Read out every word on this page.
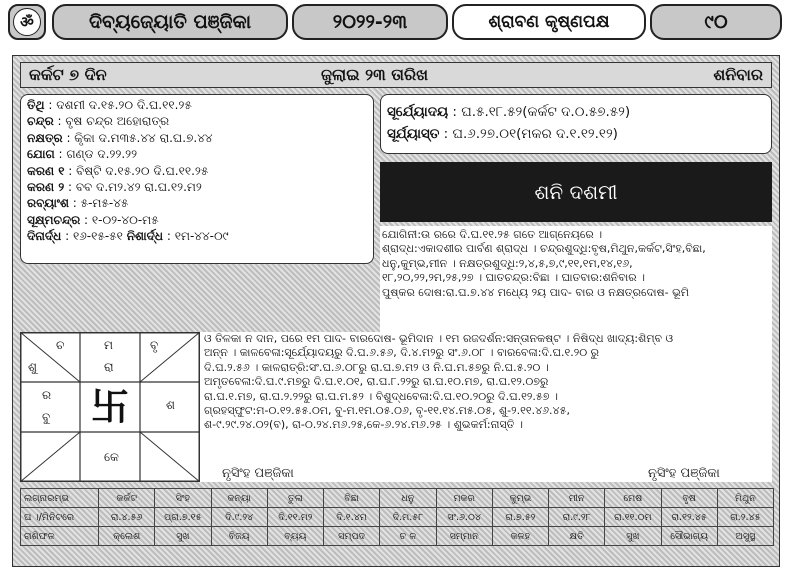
ॐ	ଦିବ୍ୟଜ୍ୟୋତି ପଞ୍ଜିକା	୨୦୨୨-୨୩	ଶ୍ରାବଣ କୃଷ୍ଣପକ୍ଷ	୯୦
କର୍କଟ ୭ ଦିନ	ଜୁଲାଇ ୨୩ ତାରିଖ	ଶନିବାର
ତିଥି : ଦଶମୀ ଦ.୧୫.୨୦ ଦି.ଘ.୧୧.୨୫
ଚନ୍ଦ୍ର : ବୃଷ ଚନ୍ଦ୍ର ଅହୋରାତ୍ର
ନକ୍ଷତ୍ର : କୃିକା ଦ.ମ୩୫.୪୪ ରା.ଘ.୭.୪୪
ଯୋଗ : ଗଣ୍ଡ ଦ.୨୨.୨୨
କରଣ ୧ : ବିଷ୍ଟି ଦ.୧୫.୨୦ ଦି.ଘ.୧୧.୨୫
କରଣ ୨ : ବବ ଦ.ମ୨.୪୨ ରା.ଘ.୧୨.ମ୨
ରବ୍ୟାଂଶ : ୫-ମ୫-୪୫
ସୂକ୍ଷ୍ମଚନ୍ଦ୍ର : ୧-୦୨-୪୦-ମ୫
ଦିନାର୍ଦ୍ଧ : ୧୬-୧୫-୫୧ ନିଶାର୍ଦ୍ଧ : ୧ମ-୪୪-୦୯
ସୂର୍ଯ୍ୟୋଦୟ : ଘ.୫.୧୮.୫୨(କର୍କଟ ଦ.୦.୫୭.୫୨)
ସୂର୍ଯ୍ୟାସ୍ତ : ଘ.୬.୨୭.୦୧(ମକର ଦ.୧.୧୨.୧୨)
ଶନି ଦଶମୀ
ଯୋଗିନୀ:ଉ ରରେ ଦି.ଘ.୧୧.୨୫ ଗତେ ଆଗ୍ନେୟରେ ।
ଶ୍ରାଦ୍ଧ:ଏକାଦଶୀର ପାର୍ବଣ ଶ୍ରାଦ୍ଧ । ଚନ୍ଦ୍ରଶୁଦ୍ଧି:ବୃଷ,ମିଥୁନ,କର୍କଟ,ସିଂହ,ବିଛା,
ଧନୁ,କୁମ୍ଭ,ମୀନ । ନକ୍ଷତ୍ରଶୁଦ୍ଧି:୨,୪,୫,୭,୯,୧୧,୧ମ,୧୪,୧୬,
୧୮,୨୦,୨୨,୨ମ,୨୫,୨୭ । ଘାତଚନ୍ଦ୍ର:ବିଛା । ଘାତବାର:ଶନିବାର ।
ପୁଷ୍କର ଦୋଷ:ରା.ଘ.୭.୪୪ ମଧ୍ୟେ ୨ୟ ପାଦ- ବାର ଓ ନକ୍ଷତ୍ରଦୋଷ- ଭୂମି
ଚ
ଶୁ
ମ
ରା
ବୃ
ର
ବୁ 卐	ଶ
କେ
ଓ ତିଳକା ନ ଦାନ, ପରେ ୧ମ ପାଦ- ବାରଦୋଷ- ଭୂମିଦାନ । ୧ମ ରଜଦର୍ଶନ:ସନ୍ତାନକଷ୍ଟ । ନିଷିଦ୍ଧ ଖାଦ୍ୟ:ଶିମ୍ବ ଓ
ଅନ୍ନ । କାଳବେଳା:ସୂର୍ଯ୍ୟୋଦୟରୁ ଦି.ଘ.୬.୫୬, ଦି.୪.ମ୨ରୁ ସଂ.୬.୦୮ । ବାରବେଳା:ଦି.ଘ.୧.୨୦ ରୁ
ଦି.ଘ.୨.୫୬ । କାଳରାତ୍ରି:ସଂ.ଘ.୬.୦୮ରୁ ରା.ଘ.୭.ମ୨ ଓ ନି.ଘ.ମ.୫୭ରୁ ନି.ଘ.୫.୨୦ ।
ଅମୃତବେଳା:ଦି.ଘ.୯.ମ୭ରୁ ଦି.ଘ.୧.୦୧, ରା.ଘ.୮.୨୨ରୁ ରା.ଘ.୧୦.ମ୭, ରା.ଘ.୧୨.୦୭ରୁ
ରା.ଘ.୧.ମ୭, ରା.ଘ.୨.୨୨ରୁ ରା.ଘ.ମ.୫୨ । ବିଶୁଦ୍ଧବେଳା:ଦି.ଘ.୧୦.୨୦ରୁ ଦି.ଘ.୧୨.୫୭ ।
ଗ୍ରହସ୍ଫୁଟ:ମ-୦.୧୨.୫୫.୦ମ, ବୁ-ମ.୧ମ.୦୫.୦୬, ବୃ-୧୧.୧୪.ମ୫.୦୫, ଶୁ-୨.୧୧.୪୬.୪୫,
ଶ-୯.୨୯.୨୪.୦୨(ବ), ରା-୦.୨୪.ମ୬.୨୫,କେ-୬.୨୪.ମ୬.୨୫ । ଶୁଭକର୍ମ:ନାସ୍ତି ।
ନୃସିଂହ ପଞ୍ଜିକା	ନୃସିଂହ ପଞ୍ଜିକା
ଲଗ୍ନାରମ୍ଭ	କର୍କଟ	ସିଂହ	କନ୍ୟା	ତୁଳା	ବିଛା	ଧନୁ	ମକର	କୁମ୍ଭ	ମୀନ	ମେଷ	ବୃଷ	ମିଥୁନ
ଘ ।/ମିନିଟରେ	ରା.୪.୫୬	ପ୍ରା.୭.୧୫	ଦି.୯.୨୪	ଦି.୧୧.ମ୨	ଦି.୧.୪ମ	ଦି.ମ.୫୮	ସଂ.୬.୦୪	ରା.୭.୫୨	ରା.୯.୨୮	ରା.୧୧.୦ମ	ରା.୧୨.୪୫	ରା.୨.୪୫
ରାଶିଫଳ	କ୍ଲେଶ	ସୁଖ	ବିଜୟ	ବ୍ୟୟ	ସମ୍ପଦ	ଚ ଳ	ସମ୍ମାନ	କଳହ	କ୍ଷତି	ସୁଖ	ସୌଭାଗ୍ୟ	ଅସୁସ୍ଥ
